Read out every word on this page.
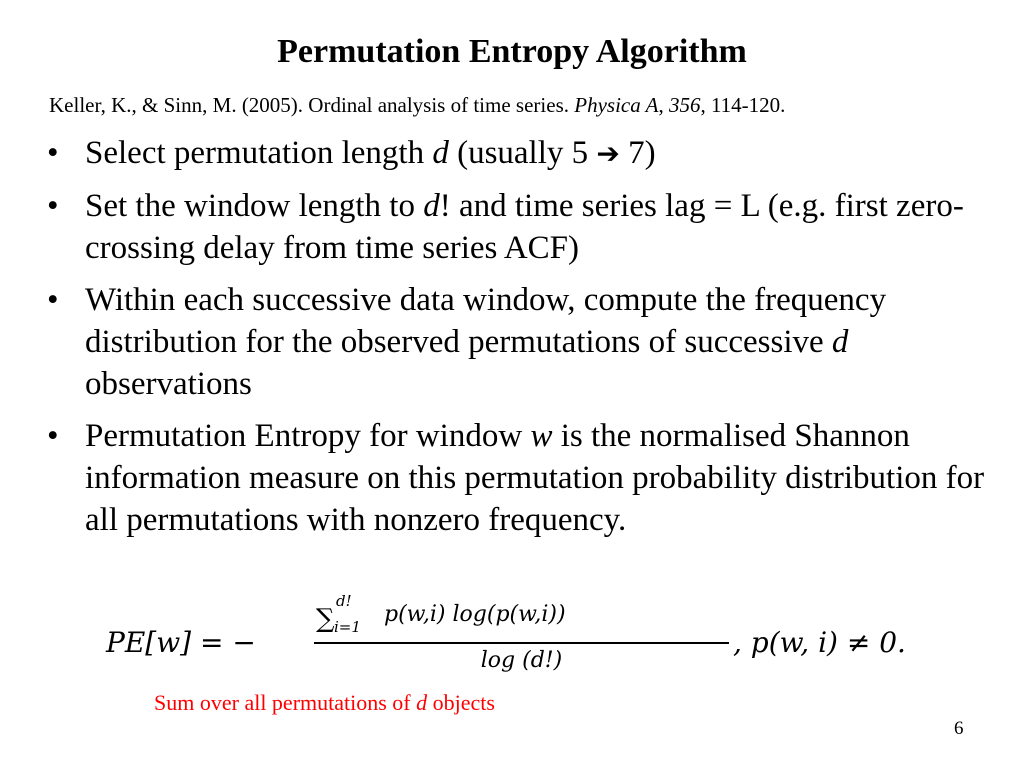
Permutation Entropy Algorithm
Keller, K., & Sinn, M. (2005). Ordinal analysis of time series. Physica A, 356, 114-120.
• Select permutation length d (usually 5 ➔ 7)
• Set the window length to d! and time series lag = L (e.g. first zero-crossing delay from time series ACF)
• Within each successive data window, compute the frequency distribution for the observed permutations of successive d observations
• Permutation Entropy for window w is the normalised Shannon information measure on this permutation probability distribution for all permutations with nonzero frequency.
PE[w] = −
∑
d!
i=1 p(w,i) log(p(w,i))
log (d!)
, p(w, i) ≠ 0.
Sum over all permutations of d objects
6
